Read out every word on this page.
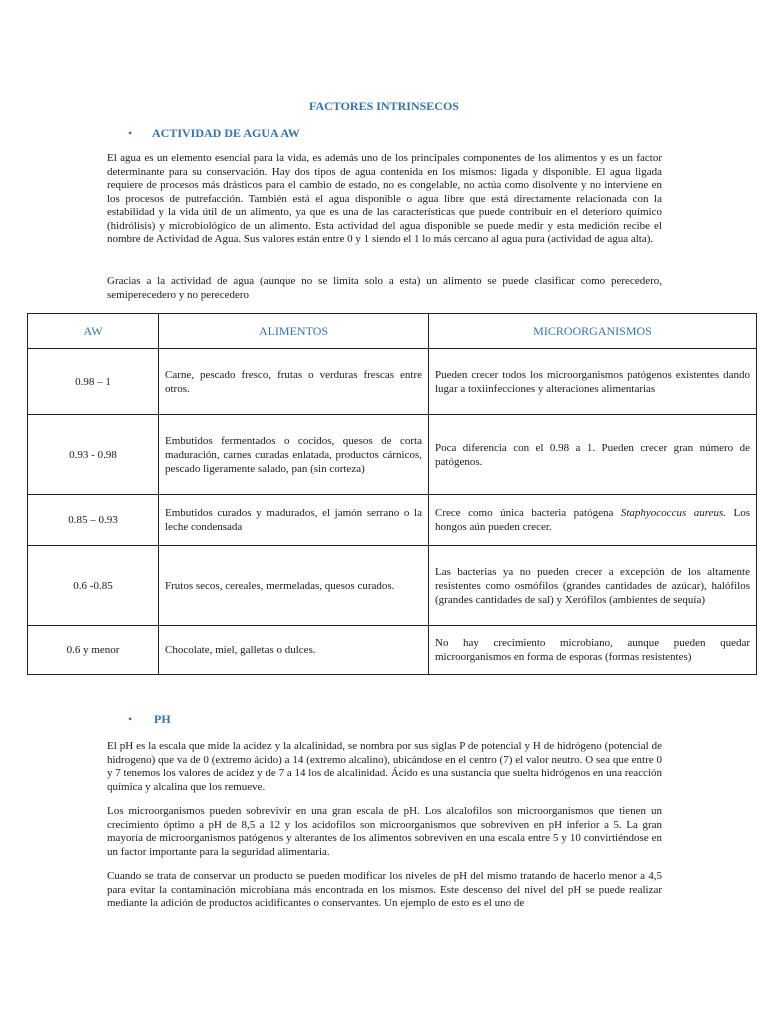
FACTORES INTRINSECOS
• ACTIVIDAD DE AGUA AW

El agua es un elemento esencial para la vida, es además uno de los principales componentes de los alimentos y es un factor determinante para su conservación. Hay dos tipos de agua contenida en los mismos: ligada y disponible. El agua ligada requiere de procesos más drásticos para el cambio de estado, no es congelable, no actúa como disolvente y no interviene en los procesos de putrefacción. También está el agua disponible o agua libre que está directamente relacionada con la estabilidad y la vida útil de un alimento, ya que es una de las características que puede contribuir en el deterioro químico (hidrólisis) y microbiológico de un alimento. Esta actividad del agua disponible se puede medir y esta medición recibe el nombre de Actividad de Agua. Sus valores están entre 0 y 1 siendo el 1 lo más cercano al agua pura (actividad de agua alta).

Gracias a la actividad de agua (aunque no se limita solo a esta) un alimento se puede clasificar como perecedero, semiperecedero y no perecedero

AW	ALIMENTOS	MICROORGANISMOS
0.98 – 1	Carne, pescado fresco, frutas o verduras frescas entre otros.	Pueden crecer todos los microorganismos patógenos existentes dando lugar a toxiinfecciones y alteraciones alimentarias
0.93 - 0.98	Embutidos fermentados o cocidos, quesos de corta maduración, carnes curadas enlatada, productos cárnicos, pescado ligeramente salado, pan (sin corteza)	Poca diferencia con el 0.98 a 1. Pueden crecer gran número de patógenos.
0.85 – 0.93	Embutidos curados y madurados, el jamón serrano o la leche condensada	Crece como única bacteria patógena Staphyococcus aureus. Los hongos aún pueden crecer.
0.6 -0.85	Frutos secos, cereales, mermeladas, quesos curados.	Las bacterias ya no pueden crecer a excepción de los altamente resistentes como osmófilos (grandes cantidades de azúcar), halófilos (grandes cantidades de sal) y Xerófilos (ambientes de sequía)
0.6 y menor	Chocolate, miel, galletas o dulces.	No hay crecimiento microbiano, aunque pueden quedar microorganismos en forma de esporas (formas resistentes)
• PH

El pH es la escala que mide la acidez y la alcalinidad, se nombra por sus siglas P de potencial y H de hidrógeno (potencial de hidrogeno) que va de 0 (extremo ácido) a 14 (extremo alcalino), ubicándose en el centro (7) el valor neutro. O sea que entre 0 y 7 tenemos los valores de acidez y de 7 a 14 los de alcalinidad. Ácido es una sustancia que suelta hidrógenos en una reacción química y alcalina que los remueve.

Los microorganismos pueden sobrevivir en una gran escala de pH. Los alcalofilos son microorganismos que tienen un crecimiento óptimo a pH de 8,5 a 12 y los acidofilos son microorganismos que sobreviven en pH inferior a 5. La gran mayoría de microorganismos patógenos y alterantes de los alimentos sobreviven en una escala entre 5 y 10 convirtiéndose en un factor importante para la seguridad alimentaria.

Cuando se trata de conservar un producto se pueden modificar los niveles de pH del mismo tratando de hacerlo menor a 4,5 para evitar la contaminación microbiana más encontrada en los mismos. Este descenso del nivel del pH se puede realizar mediante la adición de productos acidificantes o conservantes. Un ejemplo de esto es el uno de
